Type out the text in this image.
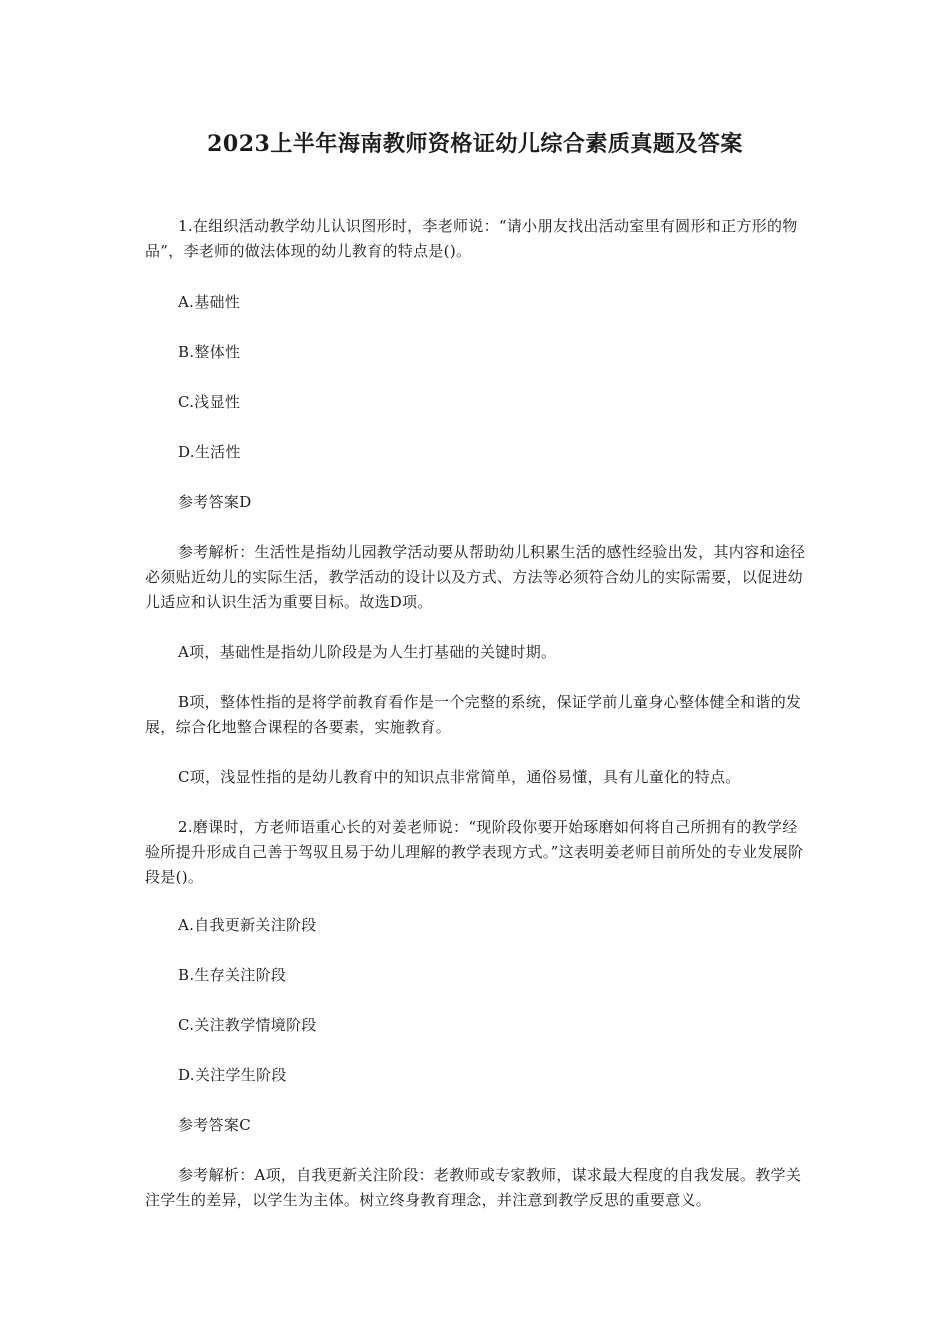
2023上半年海南教师资格证幼儿综合素质真题及答案

1.在组织活动教学幼儿认识图形时，李老师说：“请小朋友找出活动室里有圆形和正方形的物品”，李老师的做法体现的幼儿教育的特点是()。

A.基础性

B.整体性

C.浅显性

D.生活性

参考答案D

参考解析：生活性是指幼儿园教学活动要从帮助幼儿积累生活的感性经验出发，其内容和途径必须贴近幼儿的实际生活，教学活动的设计以及方式、方法等必须符合幼儿的实际需要，以促进幼儿适应和认识生活为重要目标。故选D项。

A项，基础性是指幼儿阶段是为人生打基础的关键时期。

B项，整体性指的是将学前教育看作是一个完整的系统，保证学前儿童身心整体健全和谐的发展，综合化地整合课程的各要素，实施教育。

C项，浅显性指的是幼儿教育中的知识点非常简单，通俗易懂，具有儿童化的特点。

2.磨课时，方老师语重心长的对姜老师说：“现阶段你要开始琢磨如何将自己所拥有的教学经验所提升形成自己善于驾驭且易于幼儿理解的教学表现方式。”这表明姜老师目前所处的专业发展阶段是()。

A.自我更新关注阶段

B.生存关注阶段

C.关注教学情境阶段

D.关注学生阶段

参考答案C

参考解析：A项，自我更新关注阶段：老教师或专家教师，谋求最大程度的自我发展。教学关注学生的差异，以学生为主体。树立终身教育理念，并注意到教学反思的重要意义。
